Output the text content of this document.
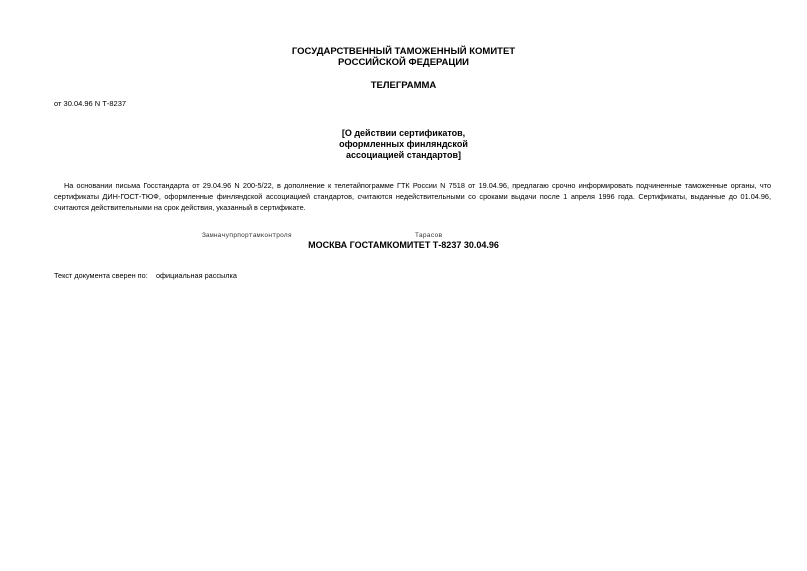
ГОСУДАРСТВЕННЫЙ ТАМОЖЕННЫЙ КОМИТЕТ
РОССИЙСКОЙ ФЕДЕРАЦИИ
ТЕЛЕГРАММА
от 30.04.96 N Т-8237
[О действии сертификатов,
оформленных финляндской
ассоциацией стандартов]
На основании письма Госстандарта от 29.04.96 N 200-5/22, в дополнение к телетайпограмме ГТК России N 7518 от 19.04.96, предлагаю срочно информировать подчиненные таможенные органы, что сертификаты ДИН-ГОСТ-ТЮФ, оформленные финляндской ассоциацией стандартов, считаются недействительными со сроками выдачи после 1 апреля 1996 года. Сертификаты, выданные до 01.04.96, считаются действительными на срок действия, указанный в сертификате.
Замначупрпортамконтроля	Тарасов
МОСКВА ГОСТАМКОМИТЕТ Т-8237 30.04.96
Текст документа сверен по: официальная рассылка
